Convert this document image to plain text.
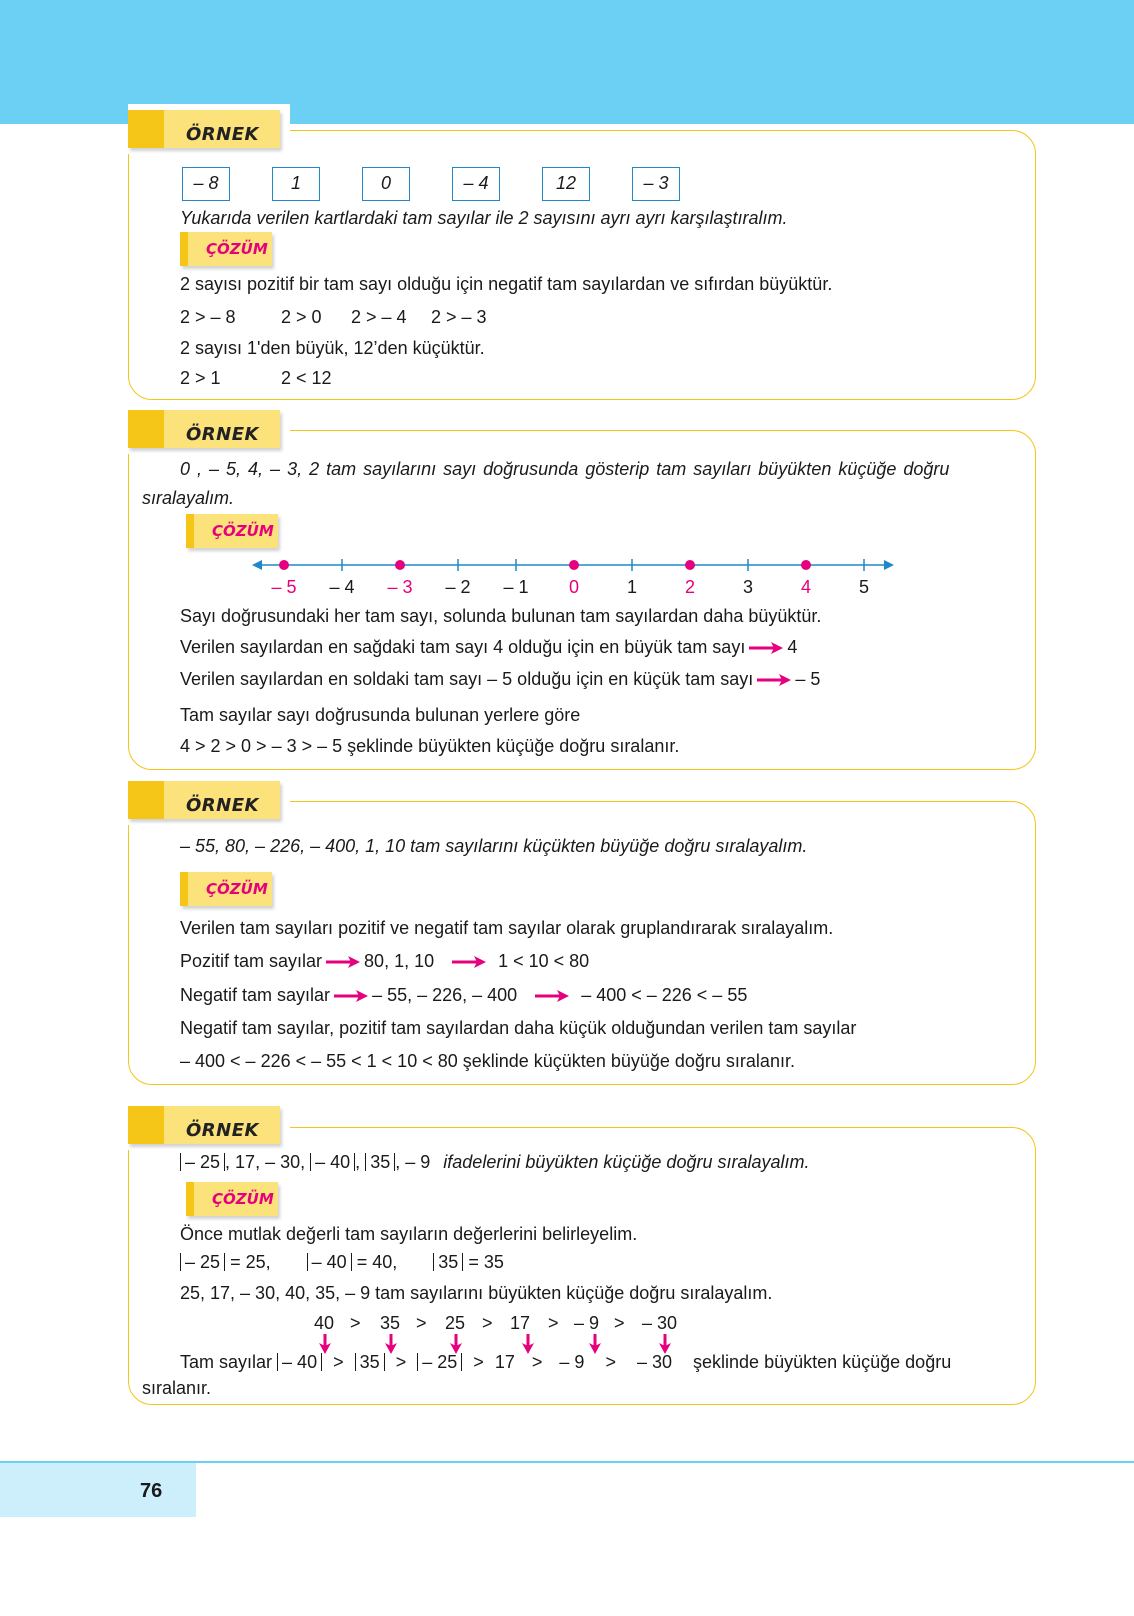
ÖRNEK
– 8	1	0	– 4	12	– 3
Yukarıda verilen kartlardaki tam sayılar ile 2 sayısını ayrı ayrı karşılaştıralım.
ÇÖZÜM
2 sayısı pozitif bir tam sayı olduğu için negatif tam sayılardan ve sıfırdan büyüktür.
2 > – 8	2 > 0 2 > – 4 2 > – 3
2 sayısı 1'den büyük, 12’den küçüktür.
2 > 1	2 < 12
ÖRNEK
0 , – 5, 4, – 3, 2 tam sayılarını sayı doğrusunda gösterip tam sayıları büyükten küçüğe doğru
sıralayalım.
ÇÖZÜM
– 5 – 4 – 3 – 2 – 1 0	1	2	3	4	5
Sayı doğrusundaki her tam sayı, solunda bulunan tam sayılardan daha büyüktür.
Verilen sayılardan en sağdaki tam sayı 4 olduğu için en büyük tam sayı 4
Verilen sayılardan en soldaki tam sayı – 5 olduğu için en küçük tam sayı – 5
Tam sayılar sayı doğrusunda bulunan yerlere göre
4 > 2 > 0 > – 3 > – 5 şeklinde büyükten küçüğe doğru sıralanır.
ÖRNEK
– 55, 80, – 226, – 400, 1, 10 tam sayılarını küçükten büyüğe doğru sıralayalım.
ÇÖZÜM
Verilen tam sayıları pozitif ve negatif tam sayılar olarak gruplandırarak sıralayalım.
Pozitif tam sayılar 80, 1, 10	1 < 10 < 80
Negatif tam sayılar – 55, – 226, – 400	– 400 < – 226 < – 55
Negatif tam sayılar, pozitif tam sayılardan daha küçük olduğundan verilen tam sayılar
– 400 < – 226 < – 55 < 1 < 10 < 80 şeklinde küçükten büyüğe doğru sıralanır.
ÖRNEK
– 25 , 17, – 30, – 40 , 35 , – 9 ifadelerini büyükten küçüğe doğru sıralayalım.
ÇÖZÜM
Önce mutlak değerli tam sayıların değerlerini belirleyelim.
– 25 = 25, – 40 = 40, 35 = 35
25, 17, – 30, 40, 35, – 9 tam sayılarını büyükten küçüğe doğru sıralayalım.
40 > 35 > 25 > 17 > – 9 > – 30
Tam sayılar – 40 > 35 > – 25 > 17 > – 9 > – 30 şeklinde büyükten küçüğe doğru
sıralanır.
76
